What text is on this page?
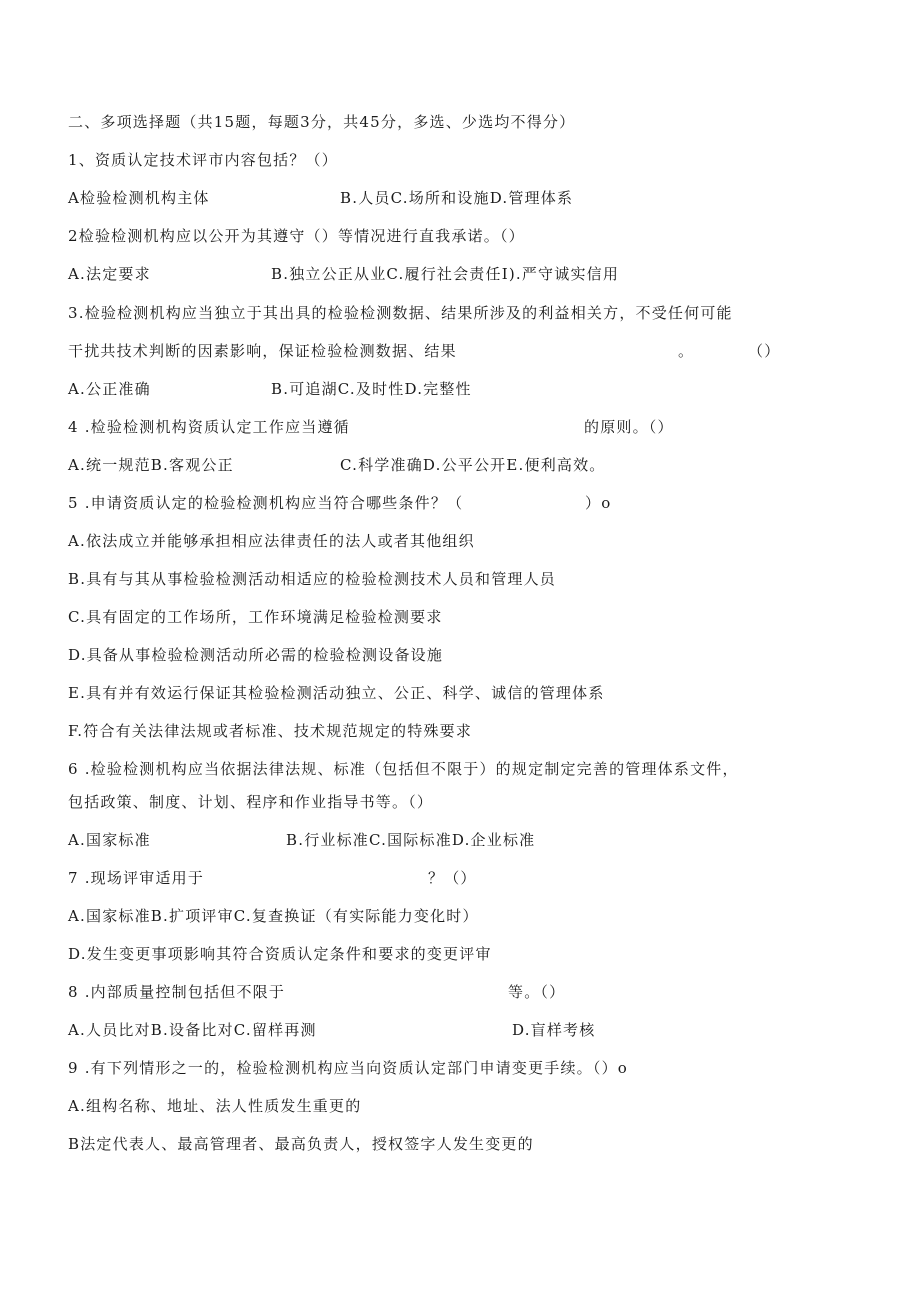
二、多项选择题（共15题，每题3分，共45分，多选、少选均不得分）
1、资质认定技术评市内容包括？（）
A检验检测机构主体	B.人员C.场所和设施D.管理体系
2检验检测机构应以公开为其遵守（）等情况进行直我承诺。（）
A.法定要求	B.独立公正从业C.履行社会责任I).严守诚实信用
3.检验检测机构应当独立于其出具的检验检测数据、结果所涉及的利益相关方，不受任何可能
干扰共技术判断的因素影响，保证检验检测数据、结果	。	（）
A.公正准确	B.可追湖C.及时性D.完整性
4 .检验检测机构资质认定工作应当遵循	的原则。（）
A.统一规范B.客观公正	C.科学准确D.公平公开E.便利高效。
5 .申请资质认定的检验检测机构应当符合哪些条件？（	）o
A.依法成立并能够承担相应法律责任的法人或者其他组织
B.具有与其从事检验检测活动相适应的检验检测技术人员和管理人员
C.具有固定的工作场所，工作环境满足检验检测要求
D.具备从事检验检测活动所必需的检验检测设备设施
E.具有并有效运行保证其检验检测活动独立、公正、科学、诚信的管理体系
F.符合有关法律法规或者标准、技术规范规定的特殊要求
6 .检验检测机构应当依据法律法规、标准（包括但不限于）的规定制定完善的管理体系文件，
包括政策、制度、计划、程序和作业指导书等。（）
A.国家标准	B.行业标准C.国际标准D.企业标准
7 .现场评审适用于	？（）
A.国家标准B.扩项评审C.复查换证（有实际能力变化时）
D.发生变更事项影响其符合资质认定条件和要求的变更评审
8 .内部质量控制包括但不限于	等。（）
A.人员比对B.设备比对C.留样再测	D.盲样考核
9 .有下列情形之一的，检验检测机构应当向资质认定部门申请变更手续。（）o
A.组构名称、地址、法人性质发生重更的
B法定代表人、最高管理者、最高负责人，授权签字人发生变更的
